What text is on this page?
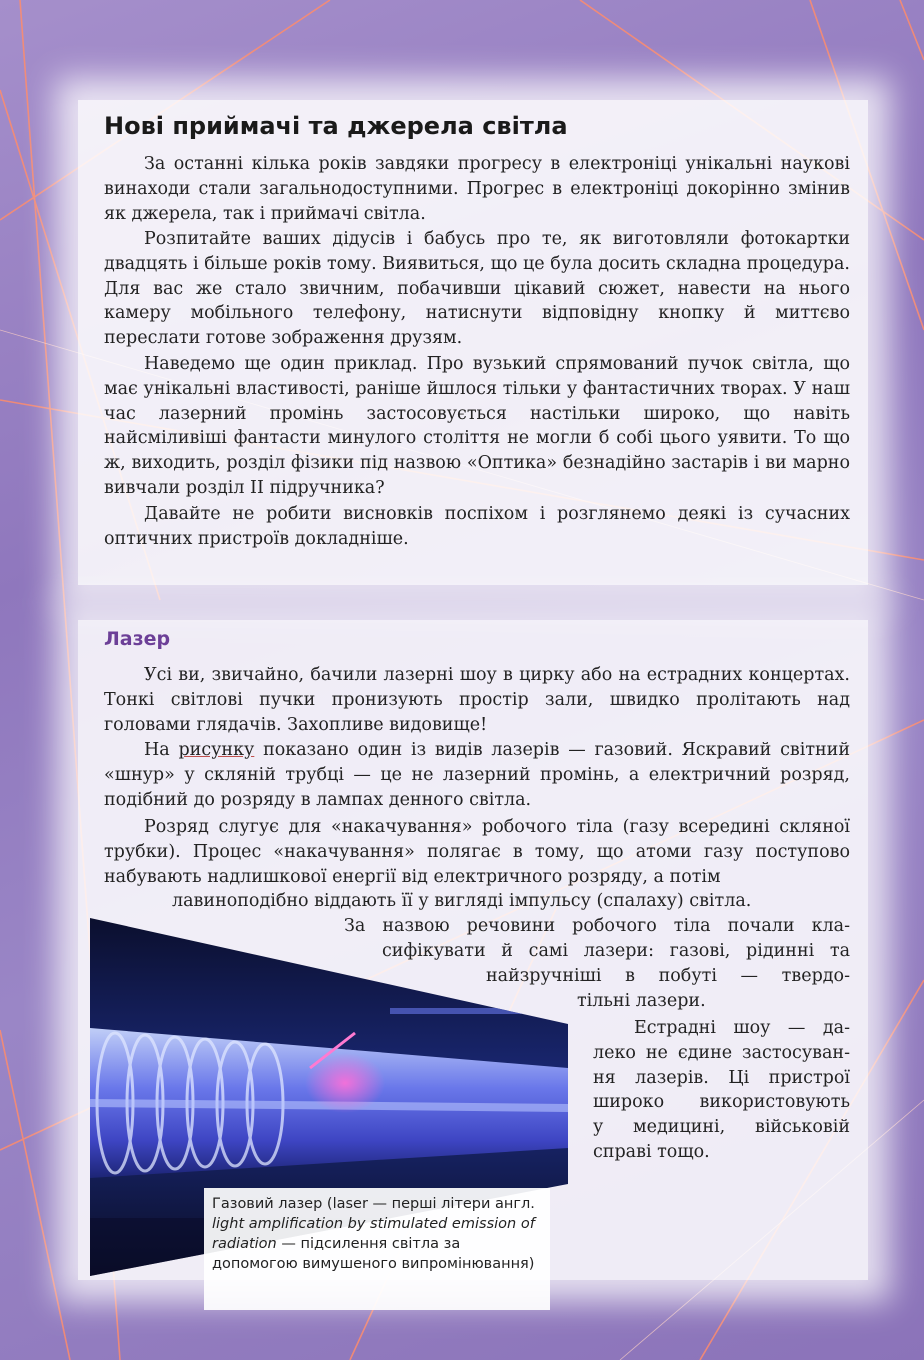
Нові приймачі та джерела світла
За останні кілька років завдяки прогресу в електроніці унікальні наукові винаходи стали загальнодоступними. Прогрес в електроніці докорінно змінив як джерела, так і приймачі світла.
Розпитайте ваших дідусів і бабусь про те, як виготовляли фотокартки двадцять і більше років тому. Виявиться, що це була досить складна процедура. Для вас же стало звичним, побачивши цікавий сюжет, навести на нього камеру мобільного телефону, натиснути відповідну кнопку й миттєво переслати готове зображення друзям.
Наведемо ще один приклад. Про вузький спрямований пучок світла, що має унікальні властивості, раніше йшлося тільки у фантастичних творах. У наш час лазерний промінь застосовується настільки широко, що навіть найсміливіші фантасти минулого століття не могли б собі цього уявити. То що ж, виходить, розділ фізики під назвою «Оптика» безнадійно застарів і ви марно вивчали розділ II підручника?
Давайте не робити висновків поспіхом і розглянемо деякі із сучасних оптичних пристроїв докладніше.
Лазер
Усі ви, звичайно, бачили лазерні шоу в цирку або на естрадних концертах. Тонкі світлові пучки пронизують простір зали, швидко пролітають над головами глядачів. Захопливе видовище!
На рисунку показано один із видів лазерів — газовий. Яскравий світний «шнур» у скляній трубці — це не лазерний промінь, а електричний розряд, подібний до розряду в лампах денного світла.
Розряд слугує для «накачування» робочого тіла (газу всередині скляної трубки). Процес «накачування» полягає в тому, що атоми газу поступово набувають надлишкової енергії від електричного розряду, а потім
лавиноподібно віддають її у вигляді імпульсу (спалаху) світла.
За назвою речовини робочого тіла почали кла-
сифікувати й самі лазери: газові, рідинні та
найзручніші в побуті — твердо-
тільні лазери.
Естрадні шоу — да-
леко не єдине застосуван-
ня лазерів. Ці пристрої
широко використовують
у медицині, військовій
справі тощо.
Газовий лазер (laser — перші літери англ. light amplification by stimulated emission of radiation — підсилення світла за допомогою вимушеного випромінювання)
